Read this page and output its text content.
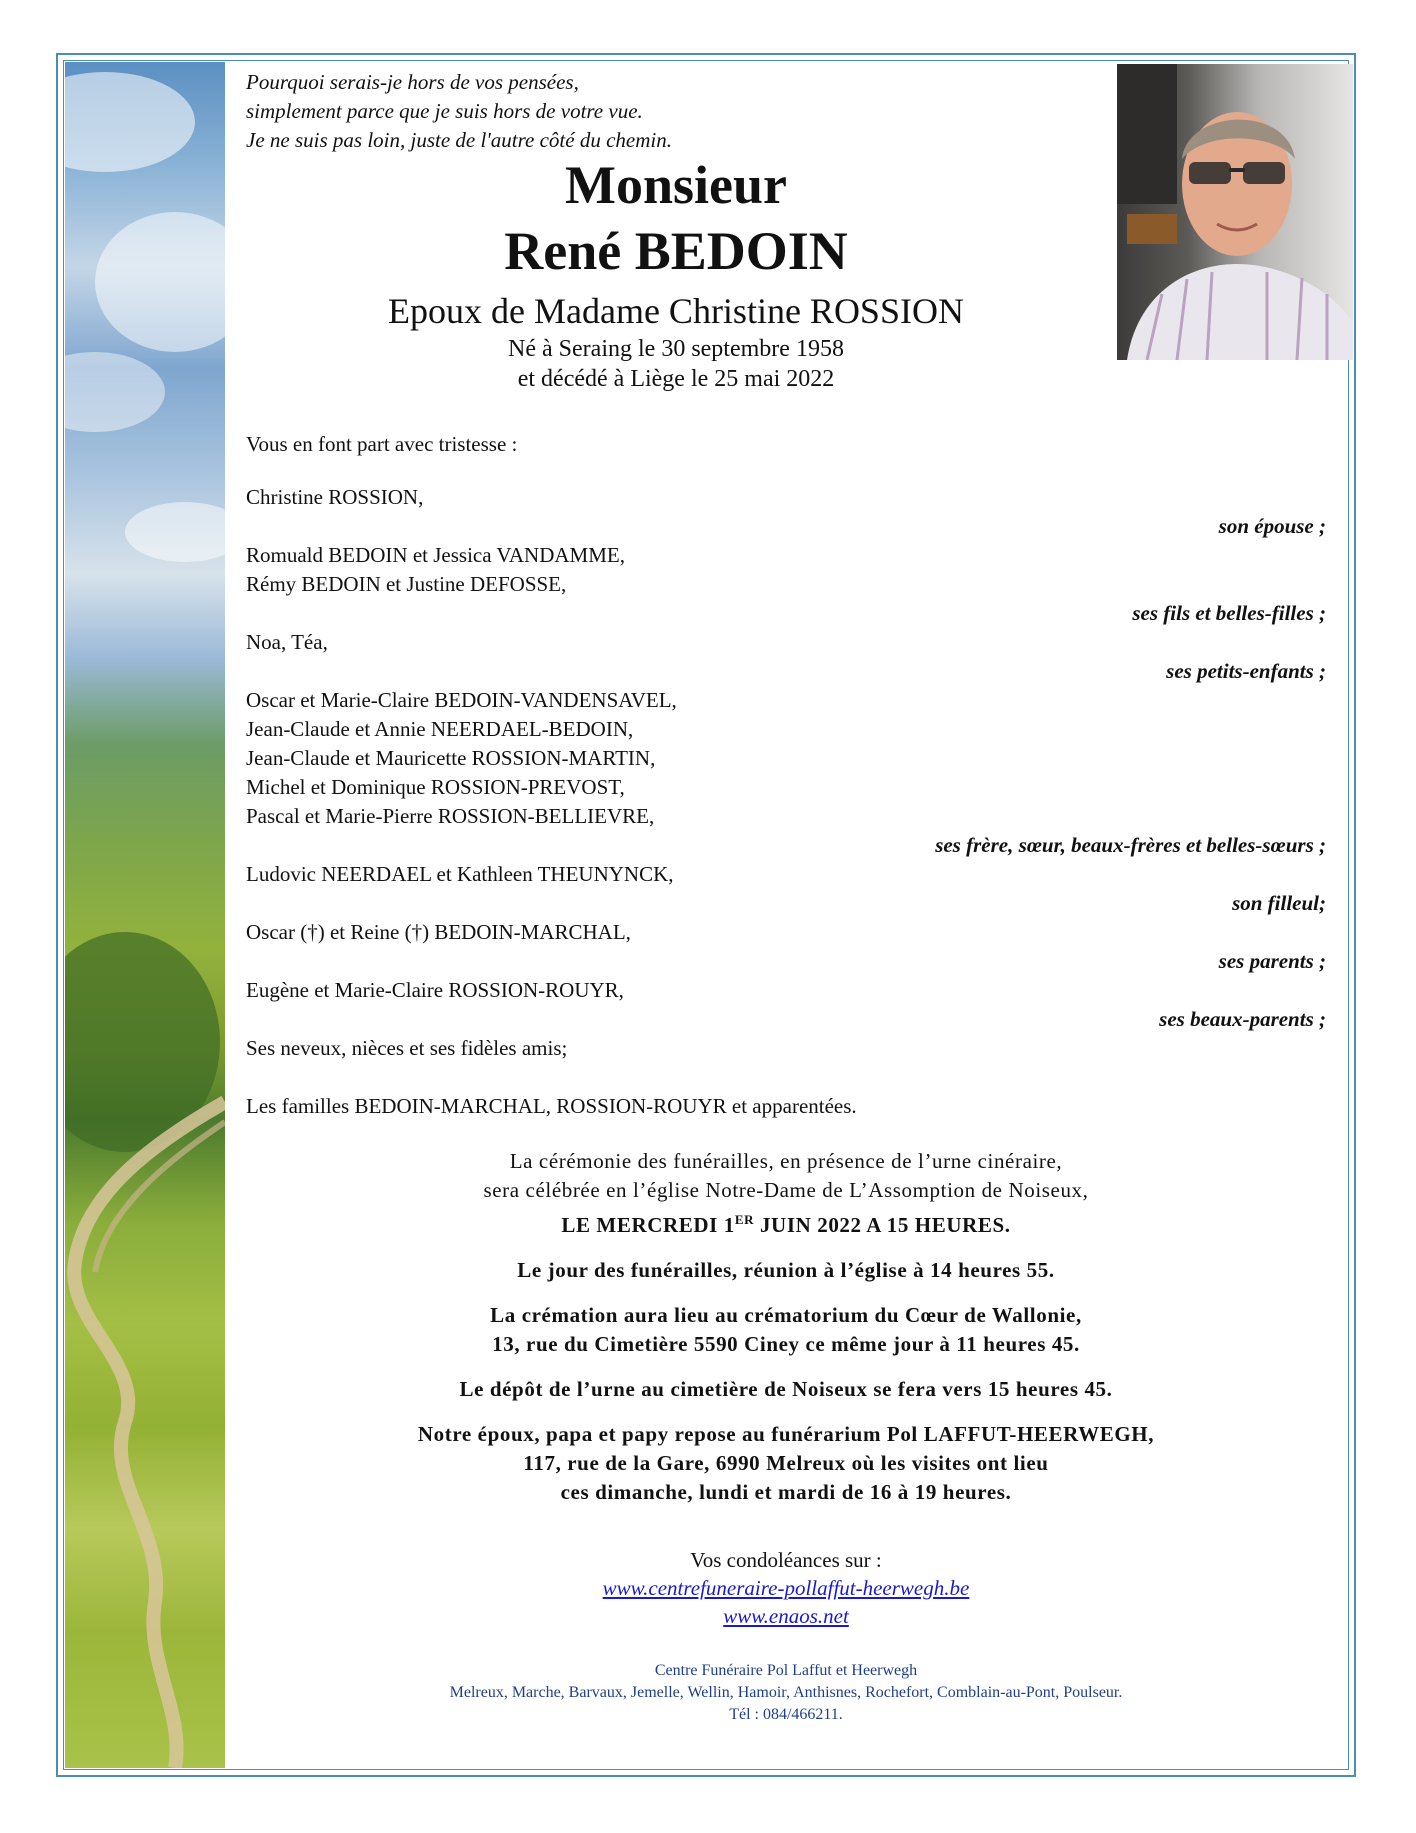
Pourquoi serais-je hors de vos pensées,
simplement parce que je suis hors de votre vue.
Je ne suis pas loin, juste de l'autre côté du chemin.
Monsieur
René BEDOIN
Epoux de Madame Christine ROSSION
Né à Seraing le 30 septembre 1958
et décédé à Liège le 25 mai 2022
Vous en font part avec tristesse :
Christine ROSSION,
son épouse ;
Romuald BEDOIN et Jessica VANDAMME,
Rémy BEDOIN et Justine DEFOSSE,
ses fils et belles-filles ;
Noa, Téa,
ses petits-enfants ;
Oscar et Marie-Claire BEDOIN-VANDENSAVEL,
Jean-Claude et Annie NEERDAEL-BEDOIN,
Jean-Claude et Mauricette ROSSION-MARTIN,
Michel et Dominique ROSSION-PREVOST,
Pascal et Marie-Pierre ROSSION-BELLIEVRE,
ses frère, sœur, beaux-frères et belles-sœurs ;
Ludovic NEERDAEL et Kathleen THEUNYNCK,
son filleul;
Oscar (†) et Reine (†) BEDOIN-MARCHAL,
ses parents ;
Eugène et Marie-Claire ROSSION-ROUYR,
ses beaux-parents ;
Ses neveux, nièces et ses fidèles amis;
Les familles BEDOIN-MARCHAL, ROSSION-ROUYR et apparentées.
La cérémonie des funérailles, en présence de l’urne cinéraire,
sera célébrée en l’église Notre-Dame de L’Assomption de Noiseux,
LE MERCREDI 1ER JUIN 2022 A 15 HEURES.
Le jour des funérailles, réunion à l’église à 14 heures 55.
La crémation aura lieu au crématorium du Cœur de Wallonie,
13, rue du Cimetière 5590 Ciney ce même jour à 11 heures 45.
Le dépôt de l’urne au cimetière de Noiseux se fera vers 15 heures 45.
Notre époux, papa et papy repose au funérarium Pol LAFFUT-HEERWEGH,
117, rue de la Gare, 6990 Melreux où les visites ont lieu
ces dimanche, lundi et mardi de 16 à 19 heures.
Vos condoléances sur :
www.centrefuneraire-pollaffut-heerwegh.be
www.enaos.net
Centre Funéraire Pol Laffut et Heerwegh
Melreux, Marche, Barvaux, Jemelle, Wellin, Hamoir, Anthisnes, Rochefort, Comblain-au-Pont, Poulseur.
Tél : 084/466211.
